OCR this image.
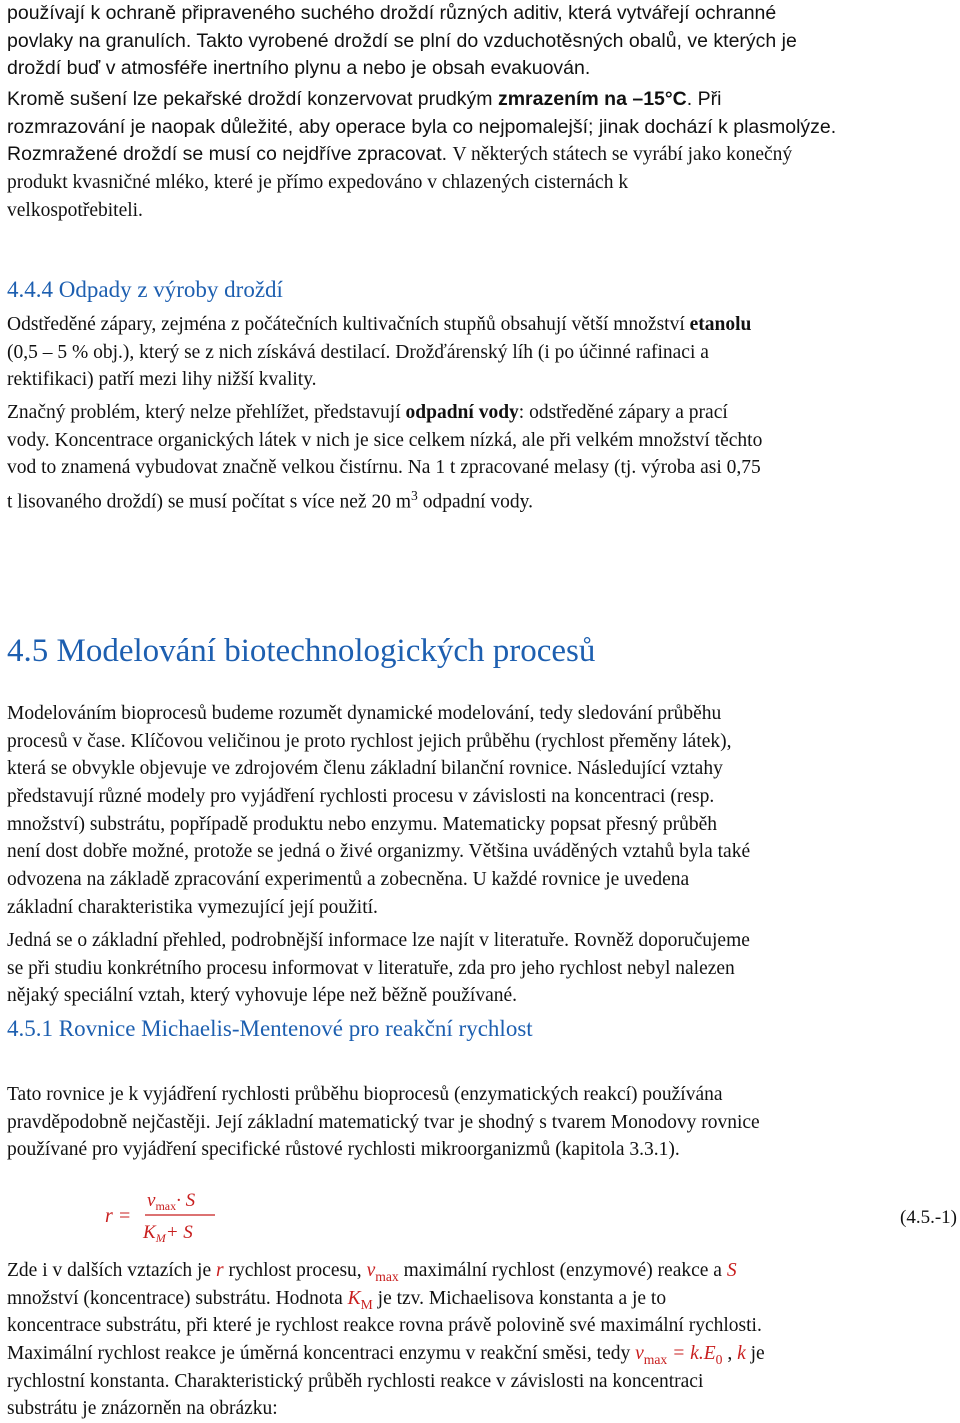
používají k ochraně připraveného suchého droždí různých aditiv, která vytvářejí ochranné
povlaky na granulích. Takto vyrobené droždí se plní do vzduchotěsných obalů, ve kterých je
droždí buď v atmosféře inertního plynu a nebo je obsah evakuován.
Kromě sušení lze pekařské droždí konzervovat prudkým zmrazením na –15°C. Při
rozmrazování je naopak důležité, aby operace byla co nejpomalejší; jinak dochází k plasmolýze.
Rozmražené droždí se musí co nejdříve zpracovat. V některých státech se vyrábí jako konečný
produkt kvasničné mléko, které je přímo expedováno v chlazených cisternách k
velkospotřebiteli.
4.4.4 Odpady z výroby droždí
Odstředěné zápary, zejména z počátečních kultivačních stupňů obsahují větší množství etanolu
(0,5 – 5 % obj.), který se z nich získává destilací. Drožďárenský líh (i po účinné rafinaci a
rektifikaci) patří mezi lihy nižší kvality.
Značný problém, který nelze přehlížet, představují odpadní vody: odstředěné zápary a prací
vody. Koncentrace organických látek v nich je sice celkem nízká, ale při velkém množství těchto
vod to znamená vybudovat značně velkou čistírnu. Na 1 t zpracované melasy (tj. výroba asi 0,75
t lisovaného droždí) se musí počítat s více než 20 $m^3$ odpadní vody.
4.5 Modelování biotechnologických procesů
Modelováním bioprocesů budeme rozumět dynamické modelování, tedy sledování průběhu
procesů v čase. Klíčovou veličinou je proto rychlost jejich průběhu (rychlost přeměny látek),
která se obvykle objevuje ve zdrojovém členu základní bilanční rovnice. Následující vztahy
představují různé modely pro vyjádření rychlosti procesu v závislosti na koncentraci (resp.
množství) substrátu, popřípadě produktu nebo enzymu. Matematicky popsat přesný průběh
není dost dobře možné, protože se jedná o živé organizmy. Většina uváděných vztahů byla také
odvozena na základě zpracování experimentů a zobecněna. U každé rovnice je uvedena
základní charakteristika vymezující její použití.
Jedná se o základní přehled, podrobnější informace lze najít v literatuře. Rovněž doporučujeme
se při studiu konkrétního procesu informovat v literatuře, zda pro jeho rychlost nebyl nalezen
nějaký speciální vztah, který vyhovuje lépe než běžně používané.
4.5.1 Rovnice Michaelis-Mentenové pro reakční rychlost
Tato rovnice je k vyjádření rychlosti průběhu bioprocesů (enzymatických reakcí) používána
pravděpodobně nejčastěji. Její základní matematický tvar je shodný s tvarem Monodovy rovnice
používané pro vyjádření specifické růstové rychlosti mikroorganizmů (kapitola 3.3.1).
r =
$v_{max}\cdot S$
$K_M+ S$
(4.5.-1)
Zde i v dalších vztazích je r rychlost procesu, $v_{max}$ maximální rychlost (enzymové) reakce a S
množství (koncentrace) substrátu. Hodnota $K_M$ je tzv. Michaelisova konstanta a je to
koncentrace substrátu, při které je rychlost reakce rovna právě polovině své maximální rychlosti.
Maximální rychlost reakce je úměrná koncentraci enzymu v reakční směsi, tedy $v_{max} = k.E_0$ , k je
rychlostní konstanta. Charakteristický průběh rychlosti reakce v závislosti na koncentraci
substrátu je znázorněn na obrázku:
